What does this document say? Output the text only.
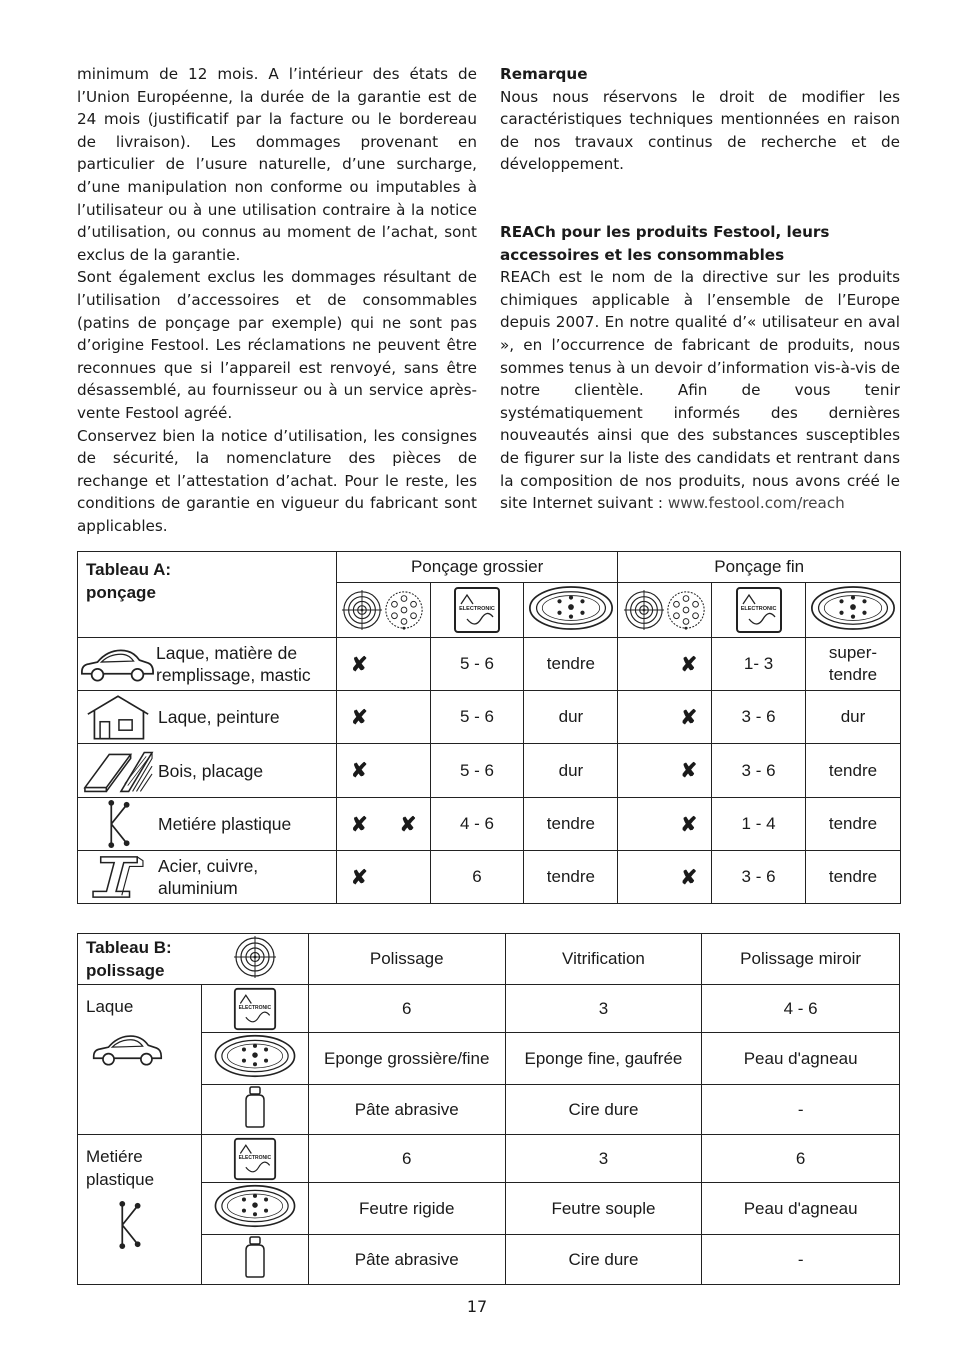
minimum de 12 mois. A l’intérieur des états de l’Union Européenne, la durée de la garantie est de 24 mois (justificatif par la facture ou le bordereau de livraison). Les dommages provenant en particulier de l’usure naturelle, d’une surcharge, d’une manipulation non conforme ou imputables à l’utilisateur ou à une utilisation contraire à la notice d’utilisation, ou connus au moment de l’achat, sont exclus de la garantie.

Sont également exclus les dommages résultant de l’utilisation d’accessoires et de consommables (patins de ponçage par exemple) qui ne sont pas d’origine Festool. Les réclamations ne peuvent être reconnues que si l’appareil est renvoyé, sans être désassemblé, au fournisseur ou à un service après-vente Festool agréé.

Conservez bien la notice d’utilisation, les consignes de sécurité, la nomenclature des pièces de rechange et l’attestation d’achat. Pour le reste, les conditions de garantie en vigueur du fabricant sont applicables.

Remarque

Nous nous réservons le droit de modifier les caractéristiques techniques mentionnées en raison de nos travaux continus de recherche et de développement.

REACh pour les produits Festool, leurs accessoires et les consommables

REACh est le nom de la directive sur les produits chimiques applicable à l’ensemble de l’Europe depuis 2007. En notre qualité d’« utilisateur en aval », en l’occurrence de fabricant de produits, nous sommes tenus à un devoir d’information vis-à-vis de notre clientèle. Afin de vous tenir systématiquement informés des dernières nouveautés ainsi que des substances susceptibles de figurer sur la liste des candidats et rentrant dans la composition de nos produits, nous avons créé le site Internet suivant : www.festool.com/reach

Tableau A:
ponçage	Ponçage grossier			Ponçage fin		

ELECTRONIC			ELECTRONIC

Laque, matière de remplissage, mastic	✘	5 - 6	tendre	✘	1- 3	super-tendre

Laque, peinture	✘	5 - 6	dur	✘	3 - 6	dur

Bois, placage	✘	5 - 6	dur	✘	3 - 6	tendre

Metiére plastique	✘ ✘	4 - 6	tendre	✘	1 - 4	tendre

Acier, cuivre, aluminium	✘	6	tendre	✘	3 - 6	tendre
Tableau B:
polissage		Polissage	Vitrification	Polissage miroir

Laque	ELECTRONIC	6	3	4 - 6
	Eponge grossière/fine	Eponge fine, gaufrée	Peau d'agneau
	Pâte abrasive	Cire dure	-

Metiére plastique	ELECTRONIC	6	3	6
	Feutre rigide	Feutre souple	Peau d'agneau
	Pâte abrasive	Cire dure	-
17
